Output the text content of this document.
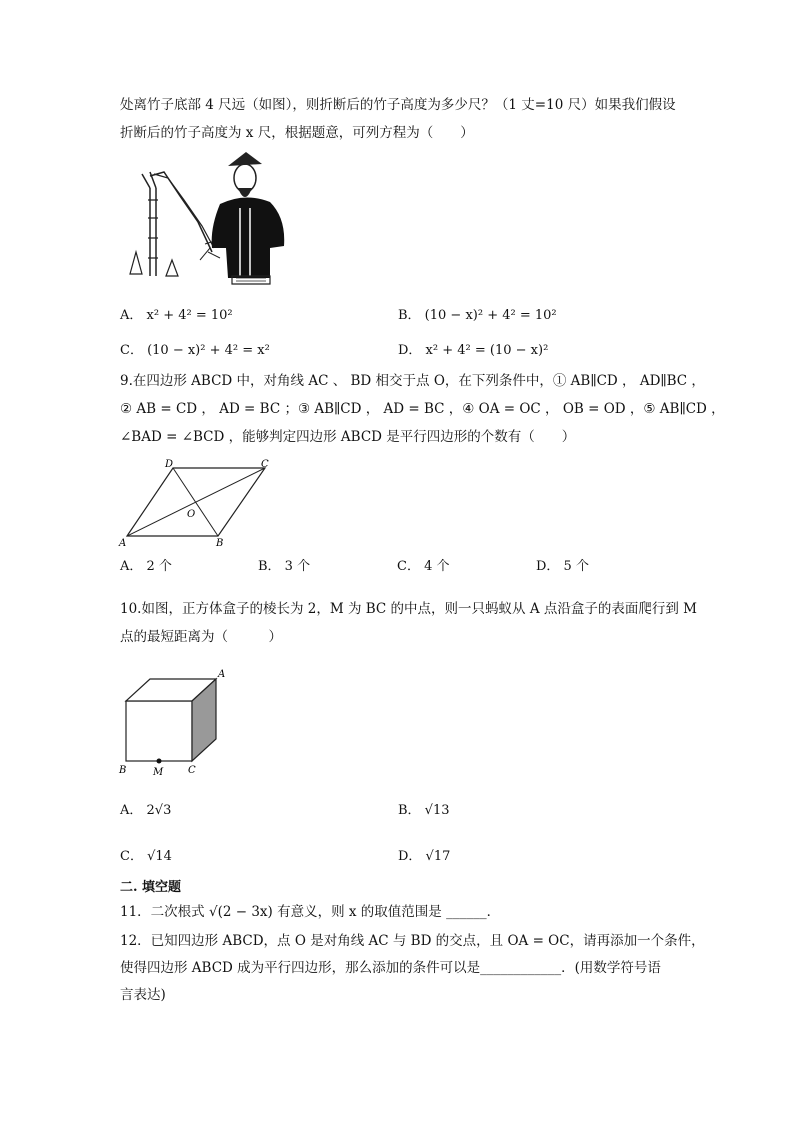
处离竹子底部 4 尺远（如图），则折断后的竹子高度为多少尺？（1 丈=10 尺）如果我们假设
折断后的竹子高度为 x 尺，根据题意，可列方程为（　　）
A． x² + 4² = 10²	B． (10 − x)² + 4² = 10²
C． (10 − x)² + 4² = x²	D． x² + 4² = (10 − x)²
9.在四边形 ABCD 中，对角线 AC 、 BD 相交于点 O，在下列条件中，① AB∥CD ， AD∥BC ，
② AB = CD ， AD = BC ；③ AB∥CD ， AD = BC ，④ OA = OC ， OB = OD ，⑤ AB∥CD ，
∠BAD = ∠BCD ，能够判定四边形 ABCD 是平行四边形的个数有（　　）
A	B
C
D
O
A． 2 个	B． 3 个	C． 4 个	D． 5 个
10.如图，正方体盒子的棱长为 2，M 为 BC 的中点，则一只蚂蚁从 A 点沿盒子的表面爬行到 M
点的最短距离为（　　　）
A
B	M C
A． 2√3	B． √13
C． √14	D． √17
二. 填空题
11．二次根式 √(2 − 3x) 有意义，则 x 的取值范围是 ______．
12．已知四边形 ABCD，点 O 是对角线 AC 与 BD 的交点，且 OA = OC，请再添加一个条件，
使得四边形 ABCD 成为平行四边形，那么添加的条件可以是____________．(用数学符号语
言表达)
